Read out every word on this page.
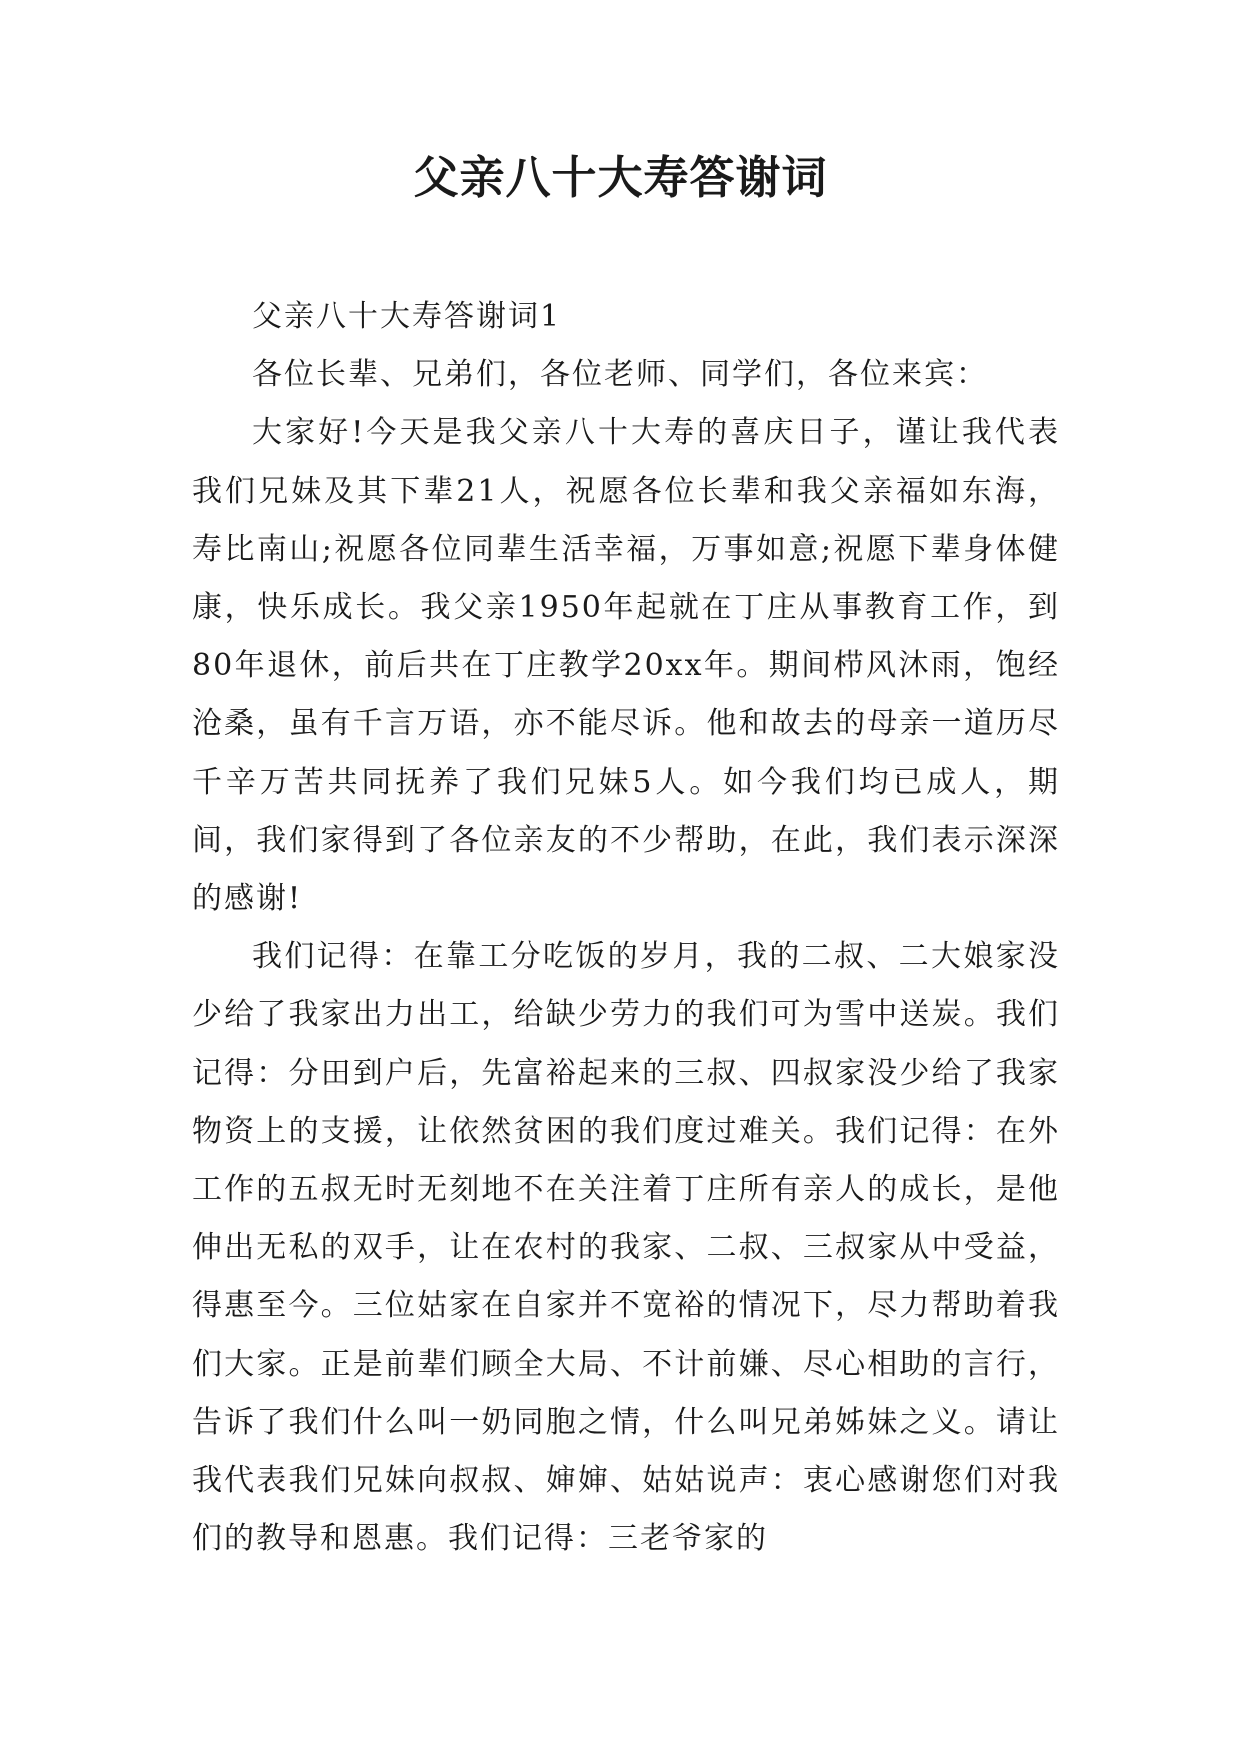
父亲八十大寿答谢词

父亲八十大寿答谢词1

各位长辈、兄弟们，各位老师、同学们，各位来宾：

大家好!今天是我父亲八十大寿的喜庆日子，谨让我代表我们兄妹及其下辈21人，祝愿各位长辈和我父亲福如东海，寿比南山;祝愿各位同辈生活幸福，万事如意;祝愿下辈身体健康，快乐成长。我父亲1950年起就在丁庄从事教育工作，到80年退休，前后共在丁庄教学20xx年。期间栉风沐雨，饱经沧桑，虽有千言万语，亦不能尽诉。他和故去的母亲一道历尽千辛万苦共同抚养了我们兄妹5人。如今我们均已成人，期间，我们家得到了各位亲友的不少帮助，在此，我们表示深深的感谢!

我们记得：在靠工分吃饭的岁月，我的二叔、二大娘家没少给了我家出力出工，给缺少劳力的我们可为雪中送炭。我们记得：分田到户后，先富裕起来的三叔、四叔家没少给了我家物资上的支援，让依然贫困的我们度过难关。我们记得：在外工作的五叔无时无刻地不在关注着丁庄所有亲人的成长，是他伸出无私的双手，让在农村的我家、二叔、三叔家从中受益，得惠至今。三位姑家在自家并不宽裕的情况下，尽力帮助着我们大家。正是前辈们顾全大局、不计前嫌、尽心相助的言行，告诉了我们什么叫一奶同胞之情，什么叫兄弟姊妹之义。请让我代表我们兄妹向叔叔、婶婶、姑姑说声：衷心感谢您们对我们的教导和恩惠。我们记得：三老爷家的
